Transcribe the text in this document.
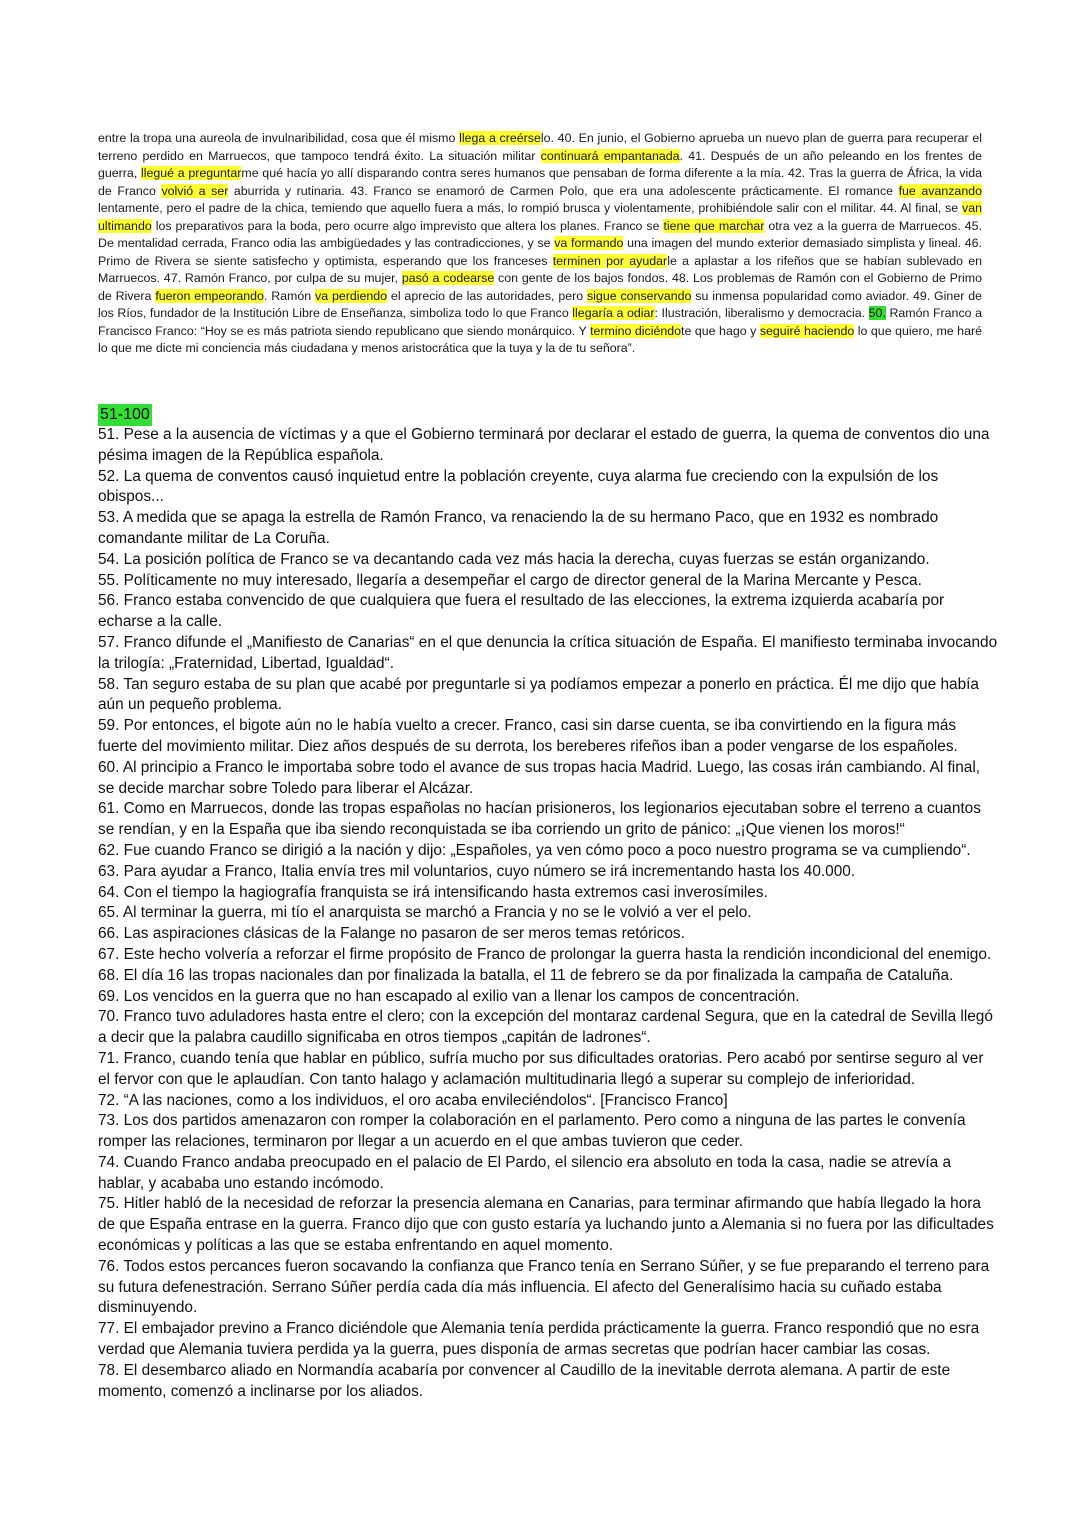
entre la tropa una aureola de invulnaribilidad, cosa que él mismo llega a creérselo. 40. En junio, el Gobierno aprueba un nuevo plan de guerra para recuperar el terreno perdido en Marruecos, que tampoco tendrá éxito. La situación militar continuará empantanada. 41. Después de un año peleando en los frentes de guerra, llegué a preguntarme qué hacía yo allí disparando contra seres humanos que pensaban de forma diferente a la mía. 42. Tras la guerra de África, la vida de Franco volvió a ser aburrida y rutinaria. 43. Franco se enamoró de Carmen Polo, que era una adolescente prácticamente. El romance fue avanzando lentamente, pero el padre de la chica, temiendo que aquello fuera a más, lo rompió brusca y violentamente, prohibiéndole salir con el militar. 44. Al final, se van ultimando los preparativos para la boda, pero ocurre algo imprevisto que altera los planes. Franco se tiene que marchar otra vez a la guerra de Marruecos. 45. De mentalidad cerrada, Franco odia las ambigüedades y las contradicciones, y se va formando una imagen del mundo exterior demasiado simplista y lineal. 46. Primo de Rivera se siente satisfecho y optimista, esperando que los franceses terminen por ayudarle a aplastar a los rifeños que se habían sublevado en Marruecos. 47. Ramón Franco, por culpa de su mujer, pasó a codearse con gente de los bajos fondos. 48. Los problemas de Ramón con el Gobierno de Primo de Rivera fueron empeorando. Ramón va perdiendo el aprecio de las autoridades, pero sigue conservando su inmensa popularidad como aviador. 49. Giner de los Ríos, fundador de la Institución Libre de Enseñanza, simboliza todo lo que Franco llegaría a odiar: Ilustración, liberalismo y democracia. 50. Ramón Franco a Francisco Franco: “Hoy se es más patriota siendo republicano que siendo monárquico. Y termino diciéndote que hago y seguiré haciendo lo que quiero, me haré lo que me dicte mi conciencia más ciudadana y menos aristocrática que la tuya y la de tu señora”.
51-100

51. Pese a la ausencia de víctimas y a que el Gobierno terminará por declarar el estado de guerra, la quema de conventos dio una pésima imagen de la República española.

52. La quema de conventos causó inquietud entre la población creyente, cuya alarma fue creciendo con la expulsión de los obispos...

53. A medida que se apaga la estrella de Ramón Franco, va renaciendo la de su hermano Paco, que en 1932 es nombrado comandante militar de La Coruña.

54. La posición política de Franco se va decantando cada vez más hacia la derecha, cuyas fuerzas se están organizando.

55. Políticamente no muy interesado, llegaría a desempeñar el cargo de director general de la Marina Mercante y Pesca.

56. Franco estaba convencido de que cualquiera que fuera el resultado de las elecciones, la extrema izquierda acabaría por echarse a la calle.

57. Franco difunde el „Manifiesto de Canarias“ en el que denuncia la crítica situación de España. El manifiesto terminaba invocando la trilogía: „Fraternidad, Libertad, Igualdad“.

58. Tan seguro estaba de su plan que acabé por preguntarle si ya podíamos empezar a ponerlo en práctica. Él me dijo que había aún un pequeño problema.

59. Por entonces, el bigote aún no le había vuelto a crecer. Franco, casi sin darse cuenta, se iba convirtiendo en la figura más fuerte del movimiento militar. Diez años después de su derrota, los bereberes rifeños iban a poder vengarse de los españoles.

60. Al principio a Franco le importaba sobre todo el avance de sus tropas hacia Madrid. Luego, las cosas irán cambiando. Al final, se decide marchar sobre Toledo para liberar el Alcázar.

61. Como en Marruecos, donde las tropas españolas no hacían prisioneros, los legionarios ejecutaban sobre el terreno a cuantos se rendían, y en la España que iba siendo reconquistada se iba corriendo un grito de pánico: „¡Que vienen los moros!“

62. Fue cuando Franco se dirigió a la nación y dijo: „Españoles, ya ven cómo poco a poco nuestro programa se va cumpliendo“.

63. Para ayudar a Franco, Italia envía tres mil voluntarios, cuyo número se irá incrementando hasta los 40.000.

64. Con el tiempo la hagiografía franquista se irá intensificando hasta extremos casi inverosímiles.

65. Al terminar la guerra, mi tío el anarquista se marchó a Francia y no se le volvió a ver el pelo.

66. Las aspiraciones clásicas de la Falange no pasaron de ser meros temas retóricos.

67. Este hecho volvería a reforzar el firme propósito de Franco de prolongar la guerra hasta la rendición incondicional del enemigo.

68. El día 16 las tropas nacionales dan por finalizada la batalla, el 11 de febrero se da por finalizada la campaña de Cataluña.

69. Los vencidos en la guerra que no han escapado al exilio van a llenar los campos de concentración.

70. Franco tuvo aduladores hasta entre el clero; con la excepción del montaraz cardenal Segura, que en la catedral de Sevilla llegó a decir que la palabra caudillo significaba en otros tiempos „capitán de ladrones“.

71. Franco, cuando tenía que hablar en público, sufría mucho por sus dificultades oratorias. Pero acabó por sentirse seguro al ver el fervor con que le aplaudían. Con tanto halago y aclamación multitudinaria llegó a superar su complejo de inferioridad.

72. “A las naciones, como a los individuos, el oro acaba envileciéndolos“. [Francisco Franco]

73. Los dos partidos amenazaron con romper la colaboración en el parlamento. Pero como a ninguna de las partes le convenía romper las relaciones, terminaron por llegar a un acuerdo en el que ambas tuvieron que ceder.

74. Cuando Franco andaba preocupado en el palacio de El Pardo, el silencio era absoluto en toda la casa, nadie se atrevía a hablar, y acababa uno estando incómodo.

75. Hitler habló de la necesidad de reforzar la presencia alemana en Canarias, para terminar afirmando que había llegado la hora de que España entrase en la guerra. Franco dijo que con gusto estaría ya luchando junto a Alemania si no fuera por las dificultades económicas y políticas a las que se estaba enfrentando en aquel momento.

76. Todos estos percances fueron socavando la confianza que Franco tenía en Serrano Súñer, y se fue preparando el terreno para su futura defenestración. Serrano Súñer perdía cada día más influencia. El afecto del Generalísimo hacia su cuñado estaba disminuyendo.

77. El embajador previno a Franco diciéndole que Alemania tenía perdida prácticamente la guerra. Franco respondió que no esra verdad que Alemania tuviera perdida ya la guerra, pues disponía de armas secretas que podrían hacer cambiar las cosas.

78. El desembarco aliado en Normandía acabaría por convencer al Caudillo de la inevitable derrota alemana. A partir de este momento, comenzó a inclinarse por los aliados.
